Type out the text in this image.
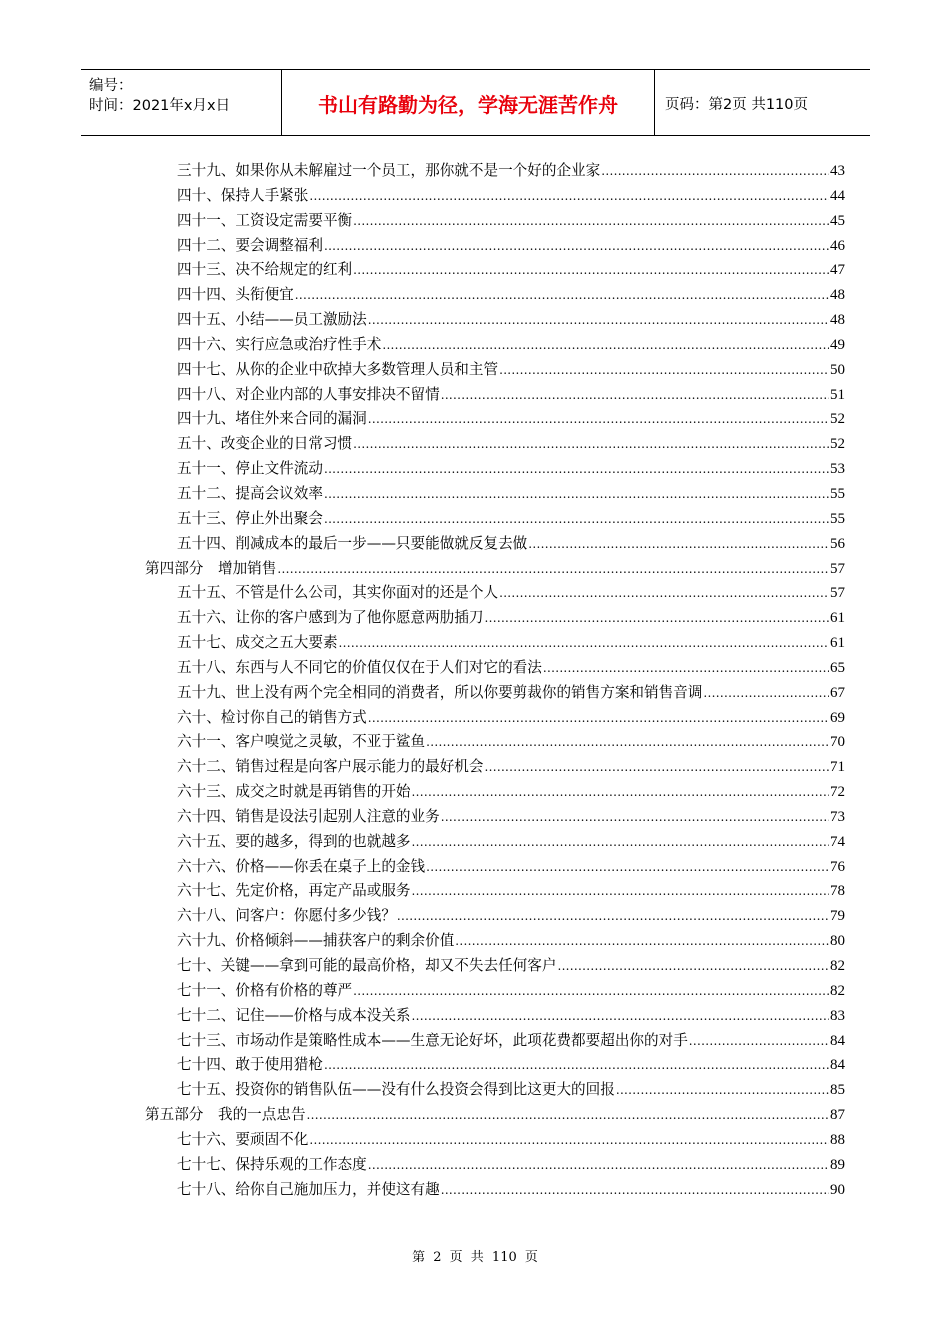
编号：
时间：2021年x月x日	书山有路勤为径，学海无涯苦作舟	页码：第2页 共110页
三十九、如果你从未解雇过一个员工，那你就不是一个好的企业家 .....	43
四十、保持人手紧张 .....	44
四十一、工资设定需要平衡 .....	45
四十二、要会调整福利 .....	46
四十三、决不给规定的红利 .....	47
四十四、头衔便宜 .....	48
四十五、小结——员工激励法 .....	48
四十六、实行应急或治疗性手术 .....	49
四十七、从你的企业中砍掉大多数管理人员和主管 .....	50
四十八、对企业内部的人事安排决不留情 .....	51
四十九、堵住外来合同的漏洞 .....	52
五十、改变企业的日常习惯 .....	52
五十一、停止文件流动 .....	53
五十二、提高会议效率 .....	55
五十三、停止外出聚会 .....	55
五十四、削减成本的最后一步——只要能做就反复去做 .....	56
第四部分　增加销售 .....	57
五十五、不管是什么公司，其实你面对的还是个人 .....	57
五十六、让你的客户感到为了他你愿意两肋插刀 .....	61
五十七、成交之五大要素 .....	61
五十八、东西与人不同它的价值仅仅在于人们对它的看法 .....	65
五十九、世上没有两个完全相同的消费者，所以你要剪裁你的销售方案和销售音调 .....	67
六十、检讨你自己的销售方式 .....	69
六十一、客户嗅觉之灵敏，不亚于鲨鱼 .....	70
六十二、销售过程是向客户展示能力的最好机会 .....	71
六十三、成交之时就是再销售的开始 .....	72
六十四、销售是设法引起别人注意的业务 .....	73
六十五、要的越多，得到的也就越多 .....	74
六十六、价格——你丢在桌子上的金钱 .....	76
六十七、先定价格，再定产品或服务 .....	78
六十八、问客户：你愿付多少钱？ .....	79
六十九、价格倾斜——捕获客户的剩余价值 .....	80
七十、关键——拿到可能的最高价格，却又不失去任何客户 .....	82
七十一、价格有价格的尊严 .....	82
七十二、记住——价格与成本没关系 .....	83
七十三、市场动作是策略性成本——生意无论好坏，此项花费都要超出你的对手 .....	84
七十四、敢于使用猎枪 .....	84
七十五、投资你的销售队伍——没有什么投资会得到比这更大的回报 .....	85
第五部分　我的一点忠告 .....	87
七十六、要顽固不化 .....	88
七十七、保持乐观的工作态度 .....	89
七十八、给你自己施加压力，并使这有趣 .....	90
第 2 页 共 110 页
